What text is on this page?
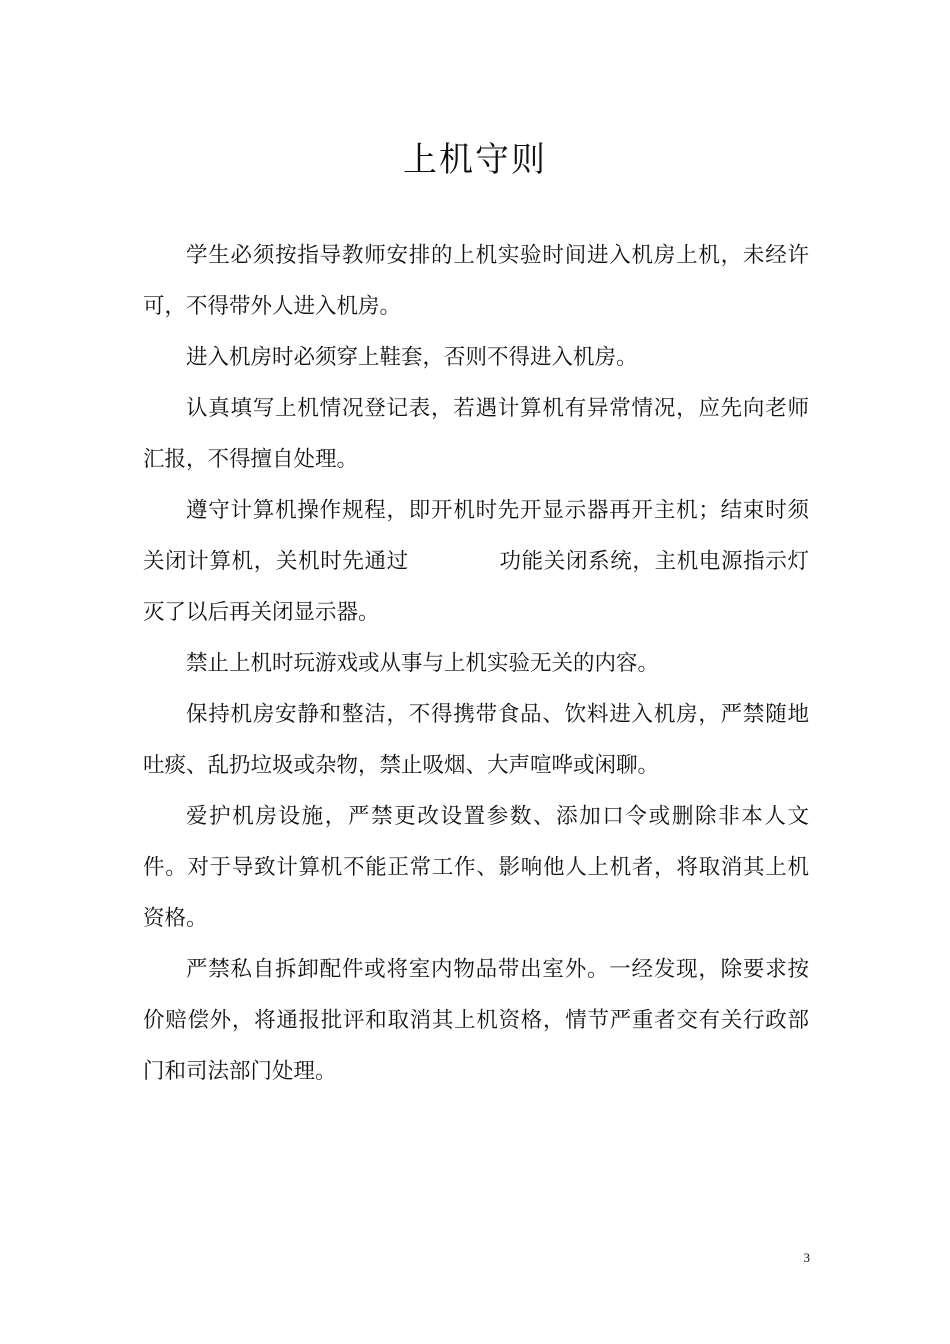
上机守则

学生必须按指导教师安排的上机实验时间进入机房上机，未经许可，不得带外人进入机房。

进入机房时必须穿上鞋套，否则不得进入机房。

认真填写上机情况登记表，若遇计算机有异常情况，应先向老师汇报，不得擅自处理。

遵守计算机操作规程，即开机时先开显示器再开主机；结束时须关闭计算机，关机时先通过	功能关闭系统，主机电源指示灯灭了以后再关闭显示器。

禁止上机时玩游戏或从事与上机实验无关的内容。

保持机房安静和整洁，不得携带食品、饮料进入机房，严禁随地吐痰、乱扔垃圾或杂物，禁止吸烟、大声喧哗或闲聊。

爱护机房设施，严禁更改设置参数、添加口令或删除非本人文件。对于导致计算机不能正常工作、影响他人上机者，将取消其上机资格。

严禁私自拆卸配件或将室内物品带出室外。一经发现，除要求按价赔偿外，将通报批评和取消其上机资格，情节严重者交有关行政部门和司法部门处理。

3
